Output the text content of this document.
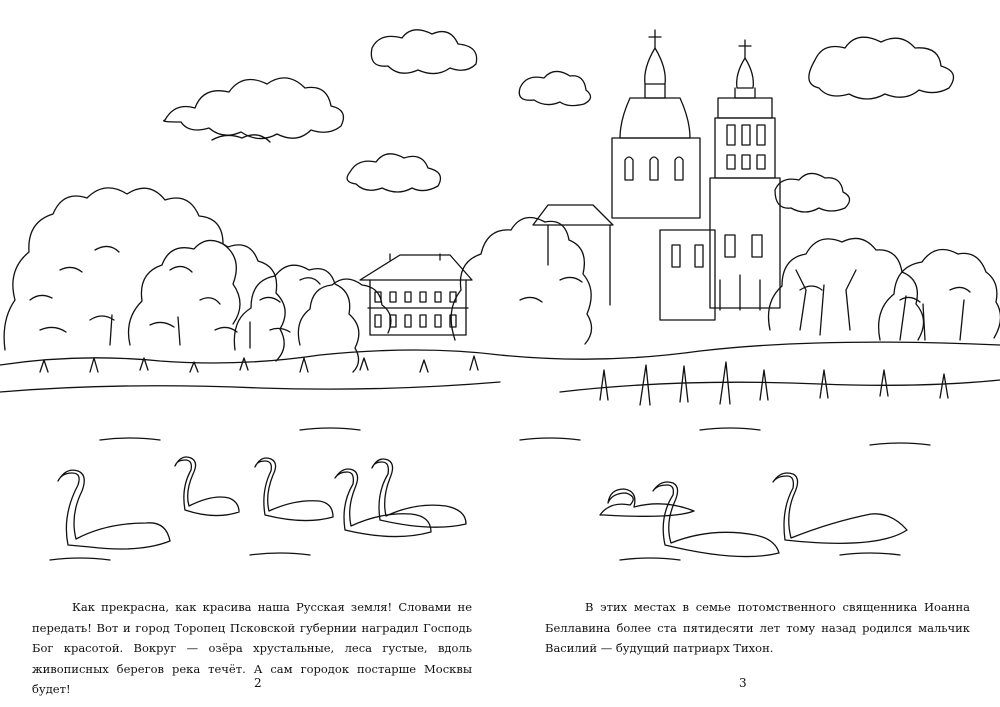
Как прекрасна, как красива наша Русская земля! Словами не передать! Вот и город Торопец Псковской губернии наградил Господь Бог красотой. Вокруг — озёра хрустальные, леса густые, вдоль живописных берегов река течёт. А сам городок постарше Москвы будет!

В этих местах в семье потомственного священника Иоанна Беллавина более ста пятидесяти лет тому назад родился мальчик Василий — будущий патриарх Тихон.

2	3
